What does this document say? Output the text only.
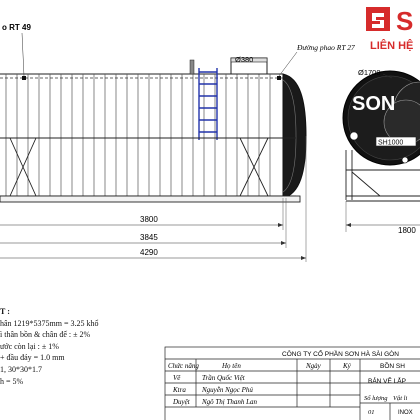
o RT 49
Đường phao RT 27
Ø380
3800
3845
4290
SH1000
SON
1800
Ø1700
S
LIÊN HỆ
CÔNG TY CỔ PHẦN SƠN HÀ SÀI GÒN
Chức năng	Họ tên	Ngày	Ký
Vẽ	Trần Quốc Việt
Ktra Nguyễn Ngọc Phú
Duyệt Ngô Thị Thanh Lan
BỒN SH
BẢN VẼ LẮP
Số lượng Vật li
01	INOX
T :
hân 1219*5375mm = 3.25 khổ
ì thân bồn & chân đế : ± 2%
ước còn lại : ± 1%
+ đầu đáy = 1.0 mm
1, 30*30*1.7
h = 5%
